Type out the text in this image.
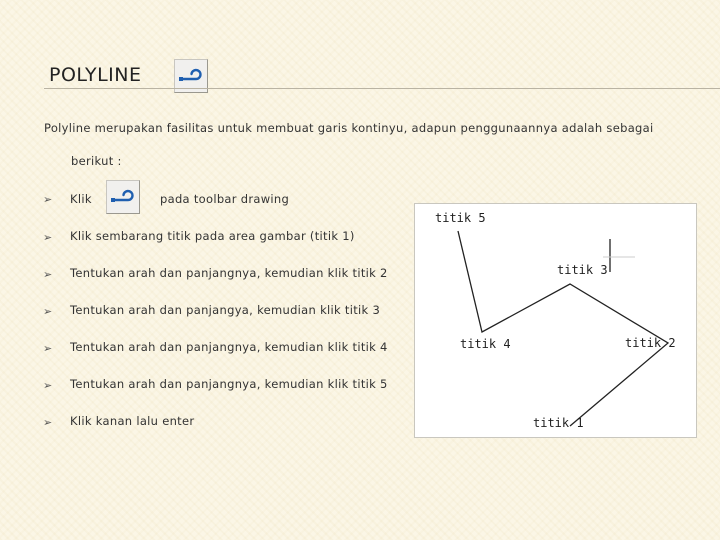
POLYLINE
Polyline merupakan fasilitas untuk membuat garis kontinyu, adapun penggunaannya adalah sebagai
berikut :
➢ Klik	pada toolbar drawing
➢ Klik sembarang titik pada area gambar (titik 1)
➢ Tentukan arah dan panjangnya, kemudian klik titik 2
➢ Tentukan arah dan panjangya, kemudian klik titik 3
➢ Tentukan arah dan panjangnya, kemudian klik titik 4
➢ Tentukan arah dan panjangnya, kemudian klik titik 5
➢ Klik kanan lalu enter
titik 5
titik 3
titik 4	titik 2
titik 1
